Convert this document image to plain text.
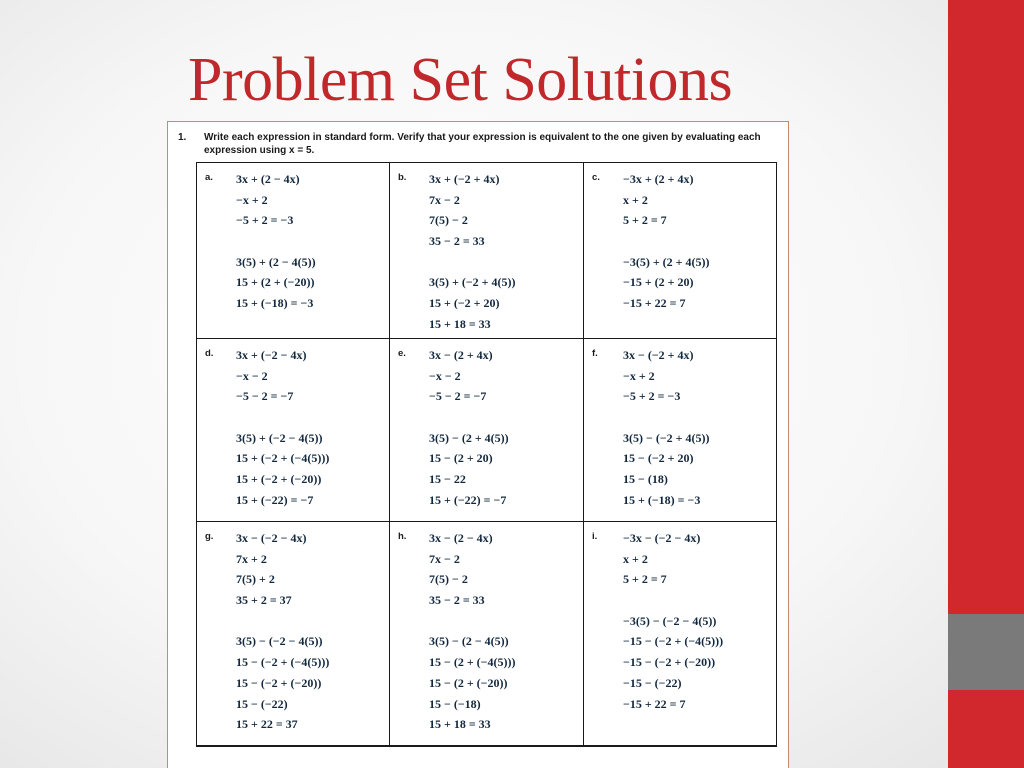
Problem Set Solutions
1. Write each expression in standard form. Verify that your expression is equivalent to the one given by evaluating each expression using x = 5.
a. 3x + (2 − 4x)
−x + 2
−5 + 2 = −3
3(5) + (2 − 4(5))
15 + (2 + (−20))
15 + (−18) = −3
b. 3x + (−2 + 4x)
7x − 2
7(5) − 2
35 − 2 = 33
3(5) + (−2 + 4(5))
15 + (−2 + 20)
15 + 18 = 33
c. −3x + (2 + 4x)
x + 2
5 + 2 = 7
−3(5) + (2 + 4(5))
−15 + (2 + 20)
−15 + 22 = 7
d. 3x + (−2 − 4x)
−x − 2
−5 − 2 = −7
3(5) + (−2 − 4(5))
15 + (−2 + (−4(5)))
15 + (−2 + (−20))
15 + (−22) = −7
e. 3x − (2 + 4x)
−x − 2
−5 − 2 = −7
3(5) − (2 + 4(5))
15 − (2 + 20)
15 − 22
15 + (−22) = −7
f. 3x − (−2 + 4x)
−x + 2
−5 + 2 = −3
3(5) − (−2 + 4(5))
15 − (−2 + 20)
15 − (18)
15 + (−18) = −3
g. 3x − (−2 − 4x)
7x + 2
7(5) + 2
35 + 2 = 37
3(5) − (−2 − 4(5))
15 − (−2 + (−4(5)))
15 − (−2 + (−20))
15 − (−22)
15 + 22 = 37
h. 3x − (2 − 4x)
7x − 2
7(5) − 2
35 − 2 = 33
3(5) − (2 − 4(5))
15 − (2 + (−4(5)))
15 − (2 + (−20))
15 − (−18)
15 + 18 = 33
i. −3x − (−2 − 4x)
x + 2
5 + 2 = 7
−3(5) − (−2 − 4(5))
−15 − (−2 + (−4(5)))
−15 − (−2 + (−20))
−15 − (−22)
−15 + 22 = 7
